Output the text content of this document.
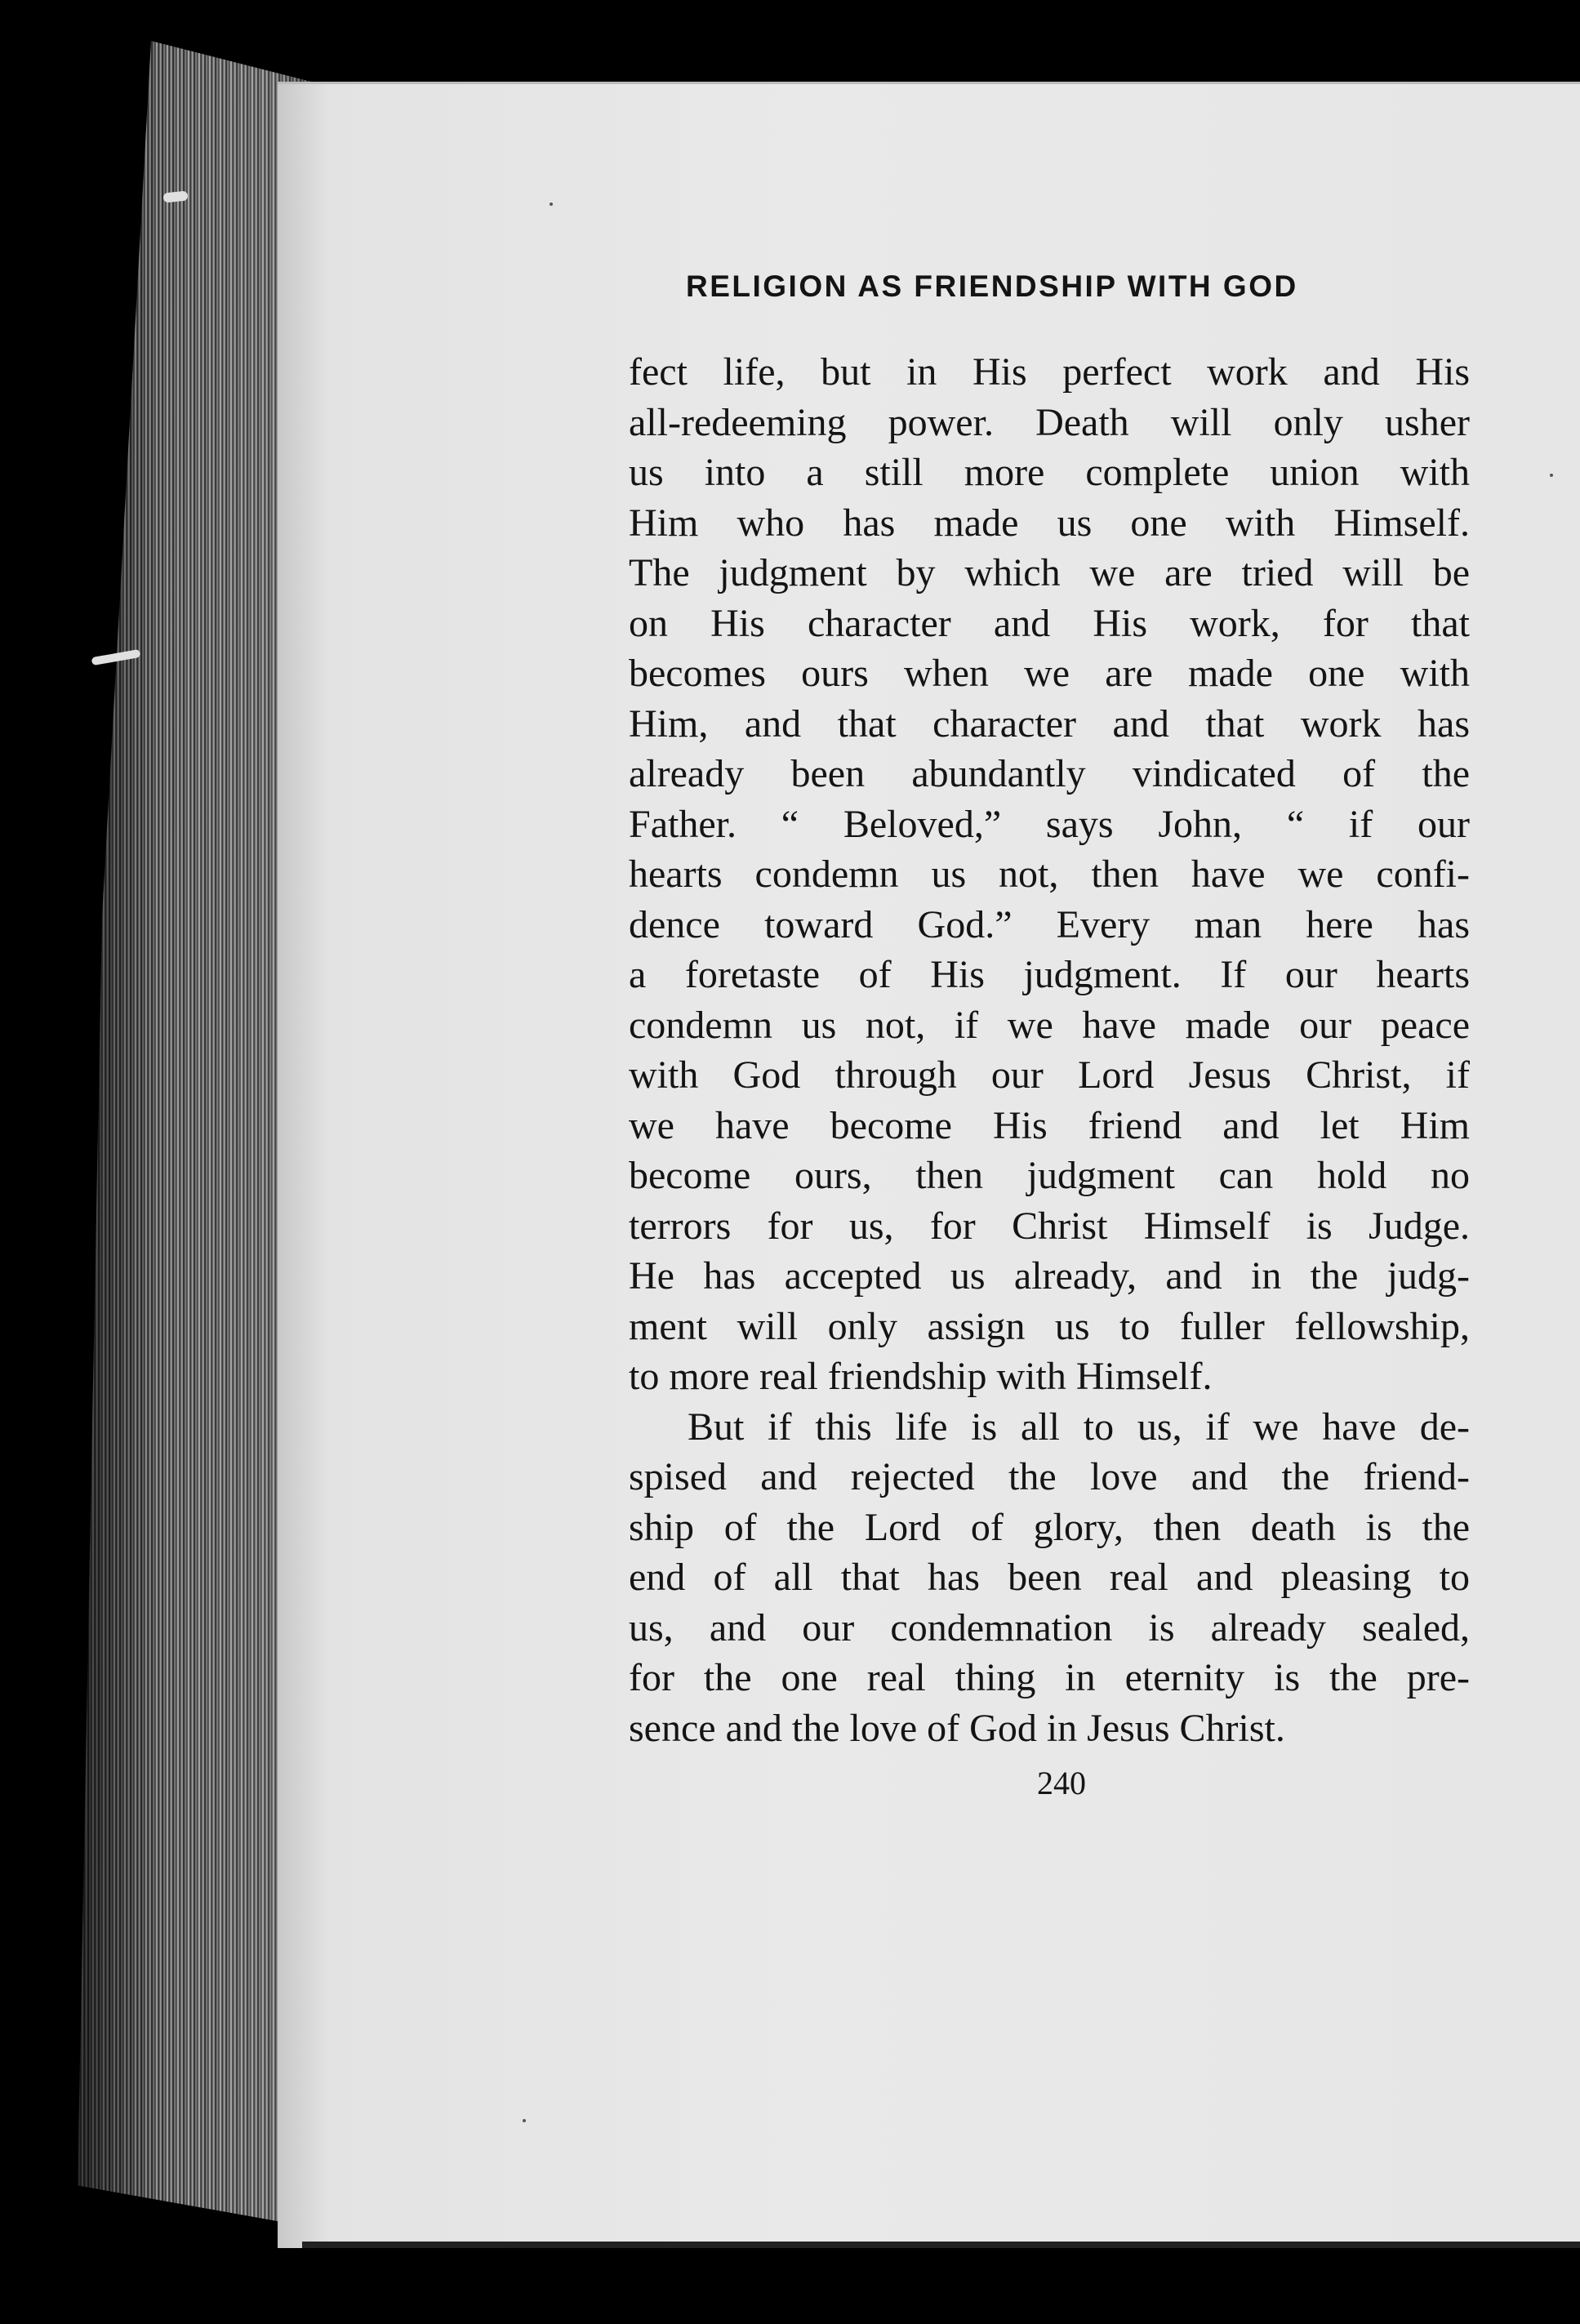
RELIGION AS FRIENDSHIP WITH GOD
fect life, but in His perfect work and His
all-redeeming power. Death will only usher
us into a still more complete union with
Him who has made us one with Himself.
The judgment by which we are tried will be
on His character and His work, for that
becomes ours when we are made one with
Him, and that character and that work has
already been abundantly vindicated of the
Father. “ Beloved,” says John, “ if our
hearts condemn us not, then have we confi-
dence toward God.” Every man here has
a foretaste of His judgment. If our hearts
condemn us not, if we have made our peace
with God through our Lord Jesus Christ, if
we have become His friend and let Him
become ours, then judgment can hold no
terrors for us, for Christ Himself is Judge.
He has accepted us already, and in the judg-
ment will only assign us to fuller fellowship,
to more real friendship with Himself.
But if this life is all to us, if we have de-
spised and rejected the love and the friend-
ship of the Lord of glory, then death is the
end of all that has been real and pleasing to
us, and our condemnation is already sealed,
for the one real thing in eternity is the pre-
sence and the love of God in Jesus Christ.
240
